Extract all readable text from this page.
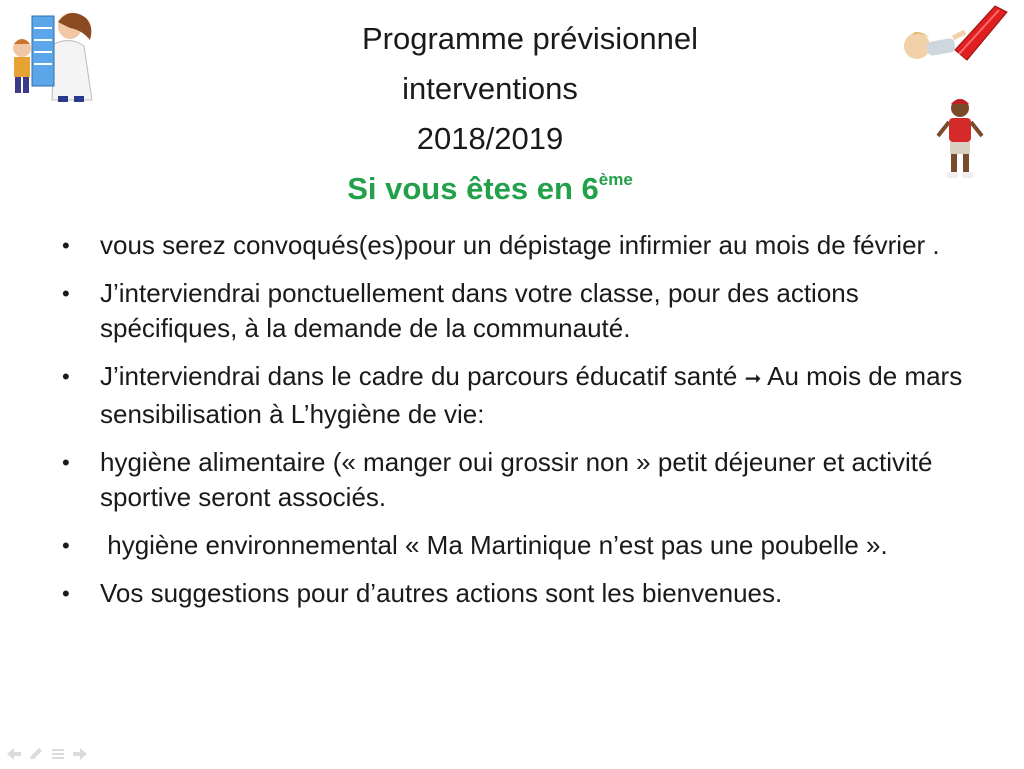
Programme prévisionnel
interventions
2018/2019
Si vous êtes en 6ème
• vous serez convoqués(es)pour un dépistage infirmier au mois de février .
• J’interviendrai ponctuellement dans votre classe, pour des actions spécifiques, à la demande de la communauté.
• J’interviendrai dans le cadre du parcours éducatif santé ➞ Au mois de mars sensibilisation à L’hygiène de vie:
• hygiène alimentaire (« manger oui grossir non » petit déjeuner et activité sportive seront associés.
• hygiène environnemental « Ma Martinique n’est pas une poubelle ».
• Vos suggestions pour d’autres actions sont les bienvenues.
